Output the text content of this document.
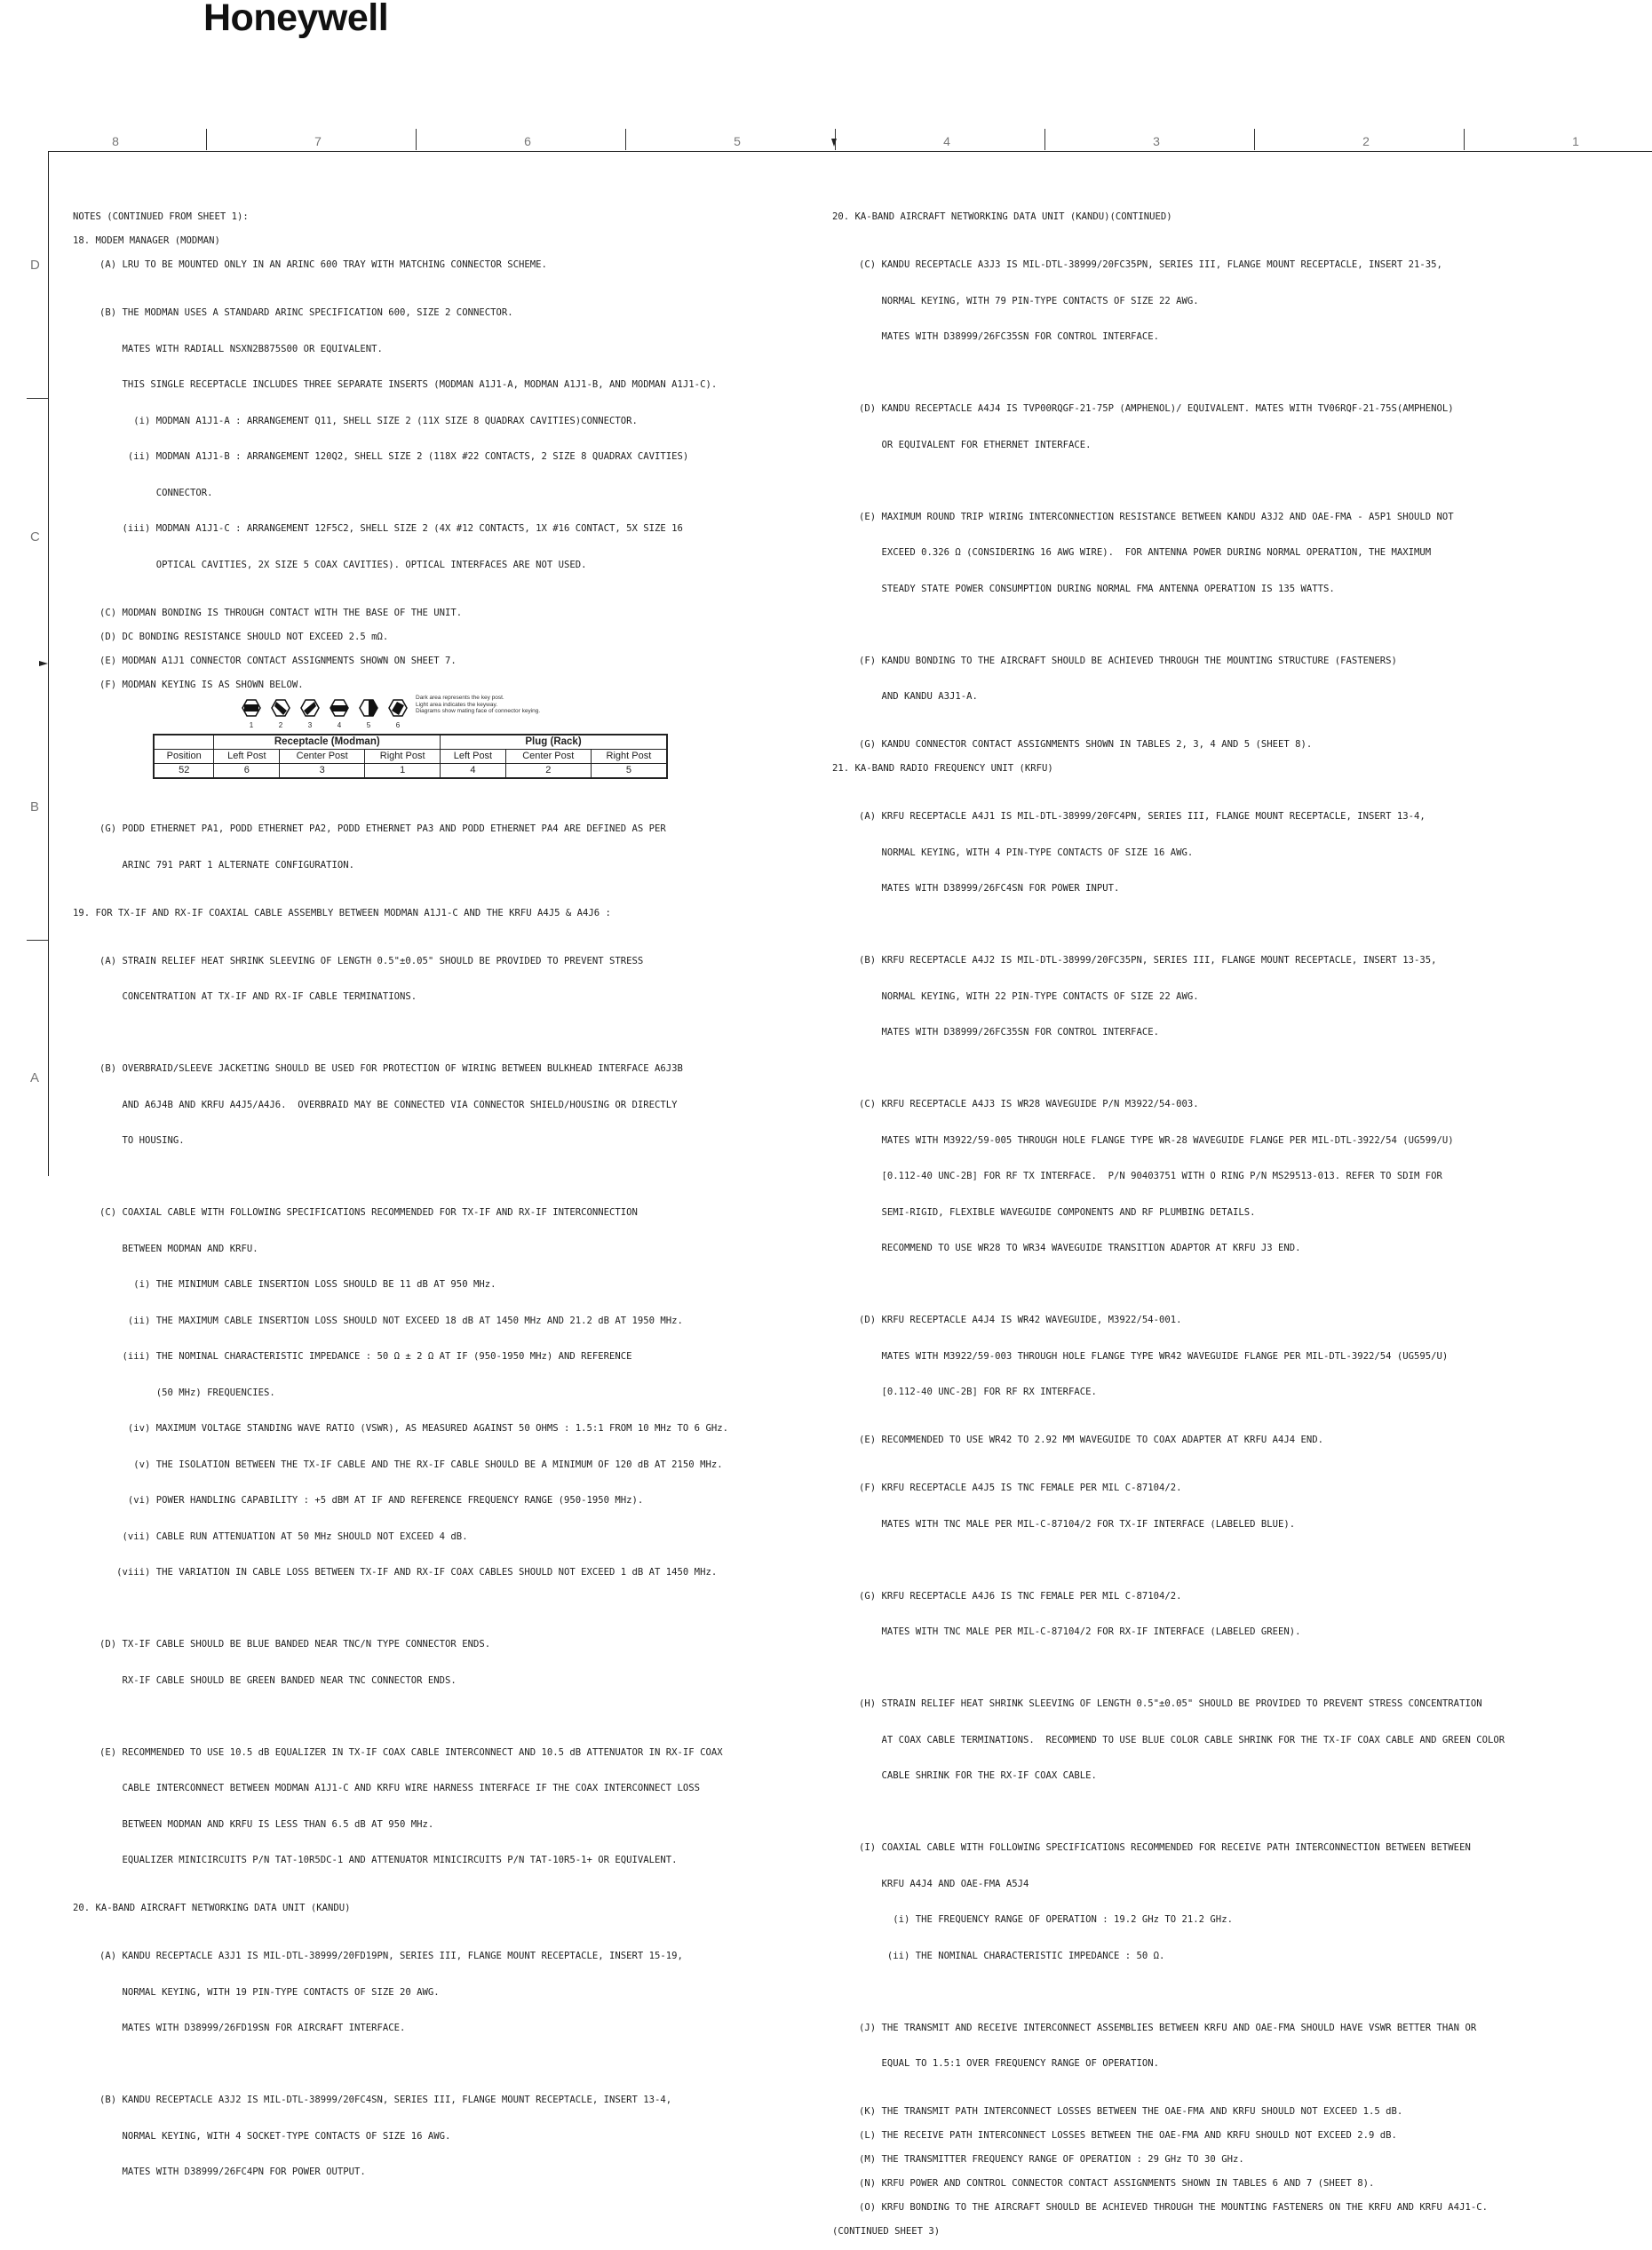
Honeywell
8	7	6	5	4	3	2	1
D
C
B
A
NOTES (CONTINUED FROM SHEET 1):
18. MODEM MANAGER (MODMAN)
(A) LRU TO BE MOUNTED ONLY IN AN ARINC 600 TRAY WITH MATCHING CONNECTOR SCHEME.

(B) THE MODMAN USES A STANDARD ARINC SPECIFICATION 600, SIZE 2 CONNECTOR.

MATES WITH RADIALL NSXN2B875S00 OR EQUIVALENT.

THIS SINGLE RECEPTACLE INCLUDES THREE SEPARATE INSERTS (MODMAN A1J1-A, MODMAN A1J1-B, AND MODMAN A1J1-C).

(i) MODMAN A1J1-A : ARRANGEMENT Q11, SHELL SIZE 2 (11X SIZE 8 QUADRAX CAVITIES)CONNECTOR.

(ii) MODMAN A1J1-B : ARRANGEMENT 120Q2, SHELL SIZE 2 (118X #22 CONTACTS, 2 SIZE 8 QUADRAX CAVITIES)

CONNECTOR.

(iii) MODMAN A1J1-C : ARRANGEMENT 12F5C2, SHELL SIZE 2 (4X #12 CONTACTS, 1X #16 CONTACT, 5X SIZE 16

OPTICAL CAVITIES, 2X SIZE 5 COAX CAVITIES). OPTICAL INTERFACES ARE NOT USED.

(C) MODMAN BONDING IS THROUGH CONTACT WITH THE BASE OF THE UNIT.
(D) DC BONDING RESISTANCE SHOULD NOT EXCEED 2.5 mΩ.
(E) MODMAN A1J1 CONNECTOR CONTACT ASSIGNMENTS SHOWN ON SHEET 7.
(F) MODMAN KEYING IS AS SHOWN BELOW.
1	2	3	4	5	6
Dark area represents the key post.
Light area indicates the keyway.
Diagrams show mating face of connector keying.
	Receptacle (Modman)			Plug (Rack)		
Position	Left Post	Center Post	Right Post	Left Post	Center Post	Right Post
52	6	3	1	4	2	5

(G) PODD ETHERNET PA1, PODD ETHERNET PA2, PODD ETHERNET PA3 AND PODD ETHERNET PA4 ARE DEFINED AS PER

ARINC 791 PART 1 ALTERNATE CONFIGURATION.

19. FOR TX-IF AND RX-IF COAXIAL CABLE ASSEMBLY BETWEEN MODMAN A1J1-C AND THE KRFU A4J5 & A4J6 :

(A) STRAIN RELIEF HEAT SHRINK SLEEVING OF LENGTH 0.5"±0.05" SHOULD BE PROVIDED TO PREVENT STRESS

CONCENTRATION AT TX-IF AND RX-IF CABLE TERMINATIONS.

(B) OVERBRAID/SLEEVE JACKETING SHOULD BE USED FOR PROTECTION OF WIRING BETWEEN BULKHEAD INTERFACE A6J3B

AND A6J4B AND KRFU A4J5/A4J6.  OVERBRAID MAY BE CONNECTED VIA CONNECTOR SHIELD/HOUSING OR DIRECTLY

TO HOUSING.

(C) COAXIAL CABLE WITH FOLLOWING SPECIFICATIONS RECOMMENDED FOR TX-IF AND RX-IF INTERCONNECTION

BETWEEN MODMAN AND KRFU.

(i) THE MINIMUM CABLE INSERTION LOSS SHOULD BE 11 dB AT 950 MHz.

(ii) THE MAXIMUM CABLE INSERTION LOSS SHOULD NOT EXCEED 18 dB AT 1450 MHz AND 21.2 dB AT 1950 MHz.

(iii) THE NOMINAL CHARACTERISTIC IMPEDANCE : 50 Ω ± 2 Ω AT IF (950-1950 MHz) AND REFERENCE

(50 MHz) FREQUENCIES.

(iv) MAXIMUM VOLTAGE STANDING WAVE RATIO (VSWR), AS MEASURED AGAINST 50 OHMS : 1.5:1 FROM 10 MHz TO 6 GHz.

(v) THE ISOLATION BETWEEN THE TX-IF CABLE AND THE RX-IF CABLE SHOULD BE A MINIMUM OF 120 dB AT 2150 MHz.

(vi) POWER HANDLING CAPABILITY : +5 dBM AT IF AND REFERENCE FREQUENCY RANGE (950-1950 MHz).

(vii) CABLE RUN ATTENUATION AT 50 MHz SHOULD NOT EXCEED 4 dB.

(viii) THE VARIATION IN CABLE LOSS BETWEEN TX-IF AND RX-IF COAX CABLES SHOULD NOT EXCEED 1 dB AT 1450 MHz.

(D) TX-IF CABLE SHOULD BE BLUE BANDED NEAR TNC/N TYPE CONNECTOR ENDS.

RX-IF CABLE SHOULD BE GREEN BANDED NEAR TNC CONNECTOR ENDS.

(E) RECOMMENDED TO USE 10.5 dB EQUALIZER IN TX-IF COAX CABLE INTERCONNECT AND 10.5 dB ATTENUATOR IN RX-IF COAX

CABLE INTERCONNECT BETWEEN MODMAN A1J1-C AND KRFU WIRE HARNESS INTERFACE IF THE COAX INTERCONNECT LOSS

BETWEEN MODMAN AND KRFU IS LESS THAN 6.5 dB AT 950 MHz.

EQUALIZER MINICIRCUITS P/N TAT-10R5DC-1 AND ATTENUATOR MINICIRCUITS P/N TAT-10R5-1+ OR EQUIVALENT.

20. KA-BAND AIRCRAFT NETWORKING DATA UNIT (KANDU)

(A) KANDU RECEPTACLE A3J1 IS MIL-DTL-38999/20FD19PN, SERIES III, FLANGE MOUNT RECEPTACLE, INSERT 15-19,

NORMAL KEYING, WITH 19 PIN-TYPE CONTACTS OF SIZE 20 AWG.

MATES WITH D38999/26FD19SN FOR AIRCRAFT INTERFACE.

(B) KANDU RECEPTACLE A3J2 IS MIL-DTL-38999/20FC4SN, SERIES III, FLANGE MOUNT RECEPTACLE, INSERT 13-4,

NORMAL KEYING, WITH 4 SOCKET-TYPE CONTACTS OF SIZE 16 AWG.

MATES WITH D38999/26FC4PN FOR POWER OUTPUT.

20. KA-BAND AIRCRAFT NETWORKING DATA UNIT (KANDU)(CONTINUED)

(C) KANDU RECEPTACLE A3J3 IS MIL-DTL-38999/20FC35PN, SERIES III, FLANGE MOUNT RECEPTACLE, INSERT 21-35,

NORMAL KEYING, WITH 79 PIN-TYPE CONTACTS OF SIZE 22 AWG.

MATES WITH D38999/26FC35SN FOR CONTROL INTERFACE.

(D) KANDU RECEPTACLE A4J4 IS TVP00RQGF-21-75P (AMPHENOL)/ EQUIVALENT. MATES WITH TV06RQF-21-75S(AMPHENOL)

OR EQUIVALENT FOR ETHERNET INTERFACE.

(E) MAXIMUM ROUND TRIP WIRING INTERCONNECTION RESISTANCE BETWEEN KANDU A3J2 AND OAE-FMA - A5P1 SHOULD NOT

EXCEED 0.326 Ω (CONSIDERING 16 AWG WIRE).  FOR ANTENNA POWER DURING NORMAL OPERATION, THE MAXIMUM

STEADY STATE POWER CONSUMPTION DURING NORMAL FMA ANTENNA OPERATION IS 135 WATTS.

(F) KANDU BONDING TO THE AIRCRAFT SHOULD BE ACHIEVED THROUGH THE MOUNTING STRUCTURE (FASTENERS)

AND KANDU A3J1-A.

(G) KANDU CONNECTOR CONTACT ASSIGNMENTS SHOWN IN TABLES 2, 3, 4 AND 5 (SHEET 8).
21. KA-BAND RADIO FREQUENCY UNIT (KRFU)

(A) KRFU RECEPTACLE A4J1 IS MIL-DTL-38999/20FC4PN, SERIES III, FLANGE MOUNT RECEPTACLE, INSERT 13-4,

NORMAL KEYING, WITH 4 PIN-TYPE CONTACTS OF SIZE 16 AWG.

MATES WITH D38999/26FC4SN FOR POWER INPUT.

(B) KRFU RECEPTACLE A4J2 IS MIL-DTL-38999/20FC35PN, SERIES III, FLANGE MOUNT RECEPTACLE, INSERT 13-35,

NORMAL KEYING, WITH 22 PIN-TYPE CONTACTS OF SIZE 22 AWG.

MATES WITH D38999/26FC35SN FOR CONTROL INTERFACE.

(C) KRFU RECEPTACLE A4J3 IS WR28 WAVEGUIDE P/N M3922/54-003.

MATES WITH M3922/59-005 THROUGH HOLE FLANGE TYPE WR-28 WAVEGUIDE FLANGE PER MIL-DTL-3922/54 (UG599/U)

[0.112-40 UNC-2B] FOR RF TX INTERFACE.  P/N 90403751 WITH O RING P/N MS29513-013. REFER TO SDIM FOR

SEMI-RIGID, FLEXIBLE WAVEGUIDE COMPONENTS AND RF PLUMBING DETAILS.

RECOMMEND TO USE WR28 TO WR34 WAVEGUIDE TRANSITION ADAPTOR AT KRFU J3 END.

(D) KRFU RECEPTACLE A4J4 IS WR42 WAVEGUIDE, M3922/54-001.

MATES WITH M3922/59-003 THROUGH HOLE FLANGE TYPE WR42 WAVEGUIDE FLANGE PER MIL-DTL-3922/54 (UG595/U)

[0.112-40 UNC-2B] FOR RF RX INTERFACE.

(E) RECOMMENDED TO USE WR42 TO 2.92 MM WAVEGUIDE TO COAX ADAPTER AT KRFU A4J4 END.

(F) KRFU RECEPTACLE A4J5 IS TNC FEMALE PER MIL C-87104/2.

MATES WITH TNC MALE PER MIL-C-87104/2 FOR TX-IF INTERFACE (LABELED BLUE).

(G) KRFU RECEPTACLE A4J6 IS TNC FEMALE PER MIL C-87104/2.

MATES WITH TNC MALE PER MIL-C-87104/2 FOR RX-IF INTERFACE (LABELED GREEN).

(H) STRAIN RELIEF HEAT SHRINK SLEEVING OF LENGTH 0.5"±0.05" SHOULD BE PROVIDED TO PREVENT STRESS CONCENTRATION

AT COAX CABLE TERMINATIONS.  RECOMMEND TO USE BLUE COLOR CABLE SHRINK FOR THE TX-IF COAX CABLE AND GREEN COLOR

CABLE SHRINK FOR THE RX-IF COAX CABLE.

(I) COAXIAL CABLE WITH FOLLOWING SPECIFICATIONS RECOMMENDED FOR RECEIVE PATH INTERCONNECTION BETWEEN BETWEEN

KRFU A4J4 AND OAE-FMA A5J4

(i) THE FREQUENCY RANGE OF OPERATION : 19.2 GHz TO 21.2 GHz.

(ii) THE NOMINAL CHARACTERISTIC IMPEDANCE : 50 Ω.

(J) THE TRANSMIT AND RECEIVE INTERCONNECT ASSEMBLIES BETWEEN KRFU AND OAE-FMA SHOULD HAVE VSWR BETTER THAN OR

EQUAL TO 1.5:1 OVER FREQUENCY RANGE OF OPERATION.

(K) THE TRANSMIT PATH INTERCONNECT LOSSES BETWEEN THE OAE-FMA AND KRFU SHOULD NOT EXCEED 1.5 dB.
(L) THE RECEIVE PATH INTERCONNECT LOSSES BETWEEN THE OAE-FMA AND KRFU SHOULD NOT EXCEED 2.9 dB.
(M) THE TRANSMITTER FREQUENCY RANGE OF OPERATION : 29 GHz TO 30 GHz.
(N) KRFU POWER AND CONTROL CONNECTOR CONTACT ASSIGNMENTS SHOWN IN TABLES 6 AND 7 (SHEET 8).
(O) KRFU BONDING TO THE AIRCRAFT SHOULD BE ACHIEVED THROUGH THE MOUNTING FASTENERS ON THE KRFU AND KRFU A4J1-C.
(CONTINUED SHEET 3)
